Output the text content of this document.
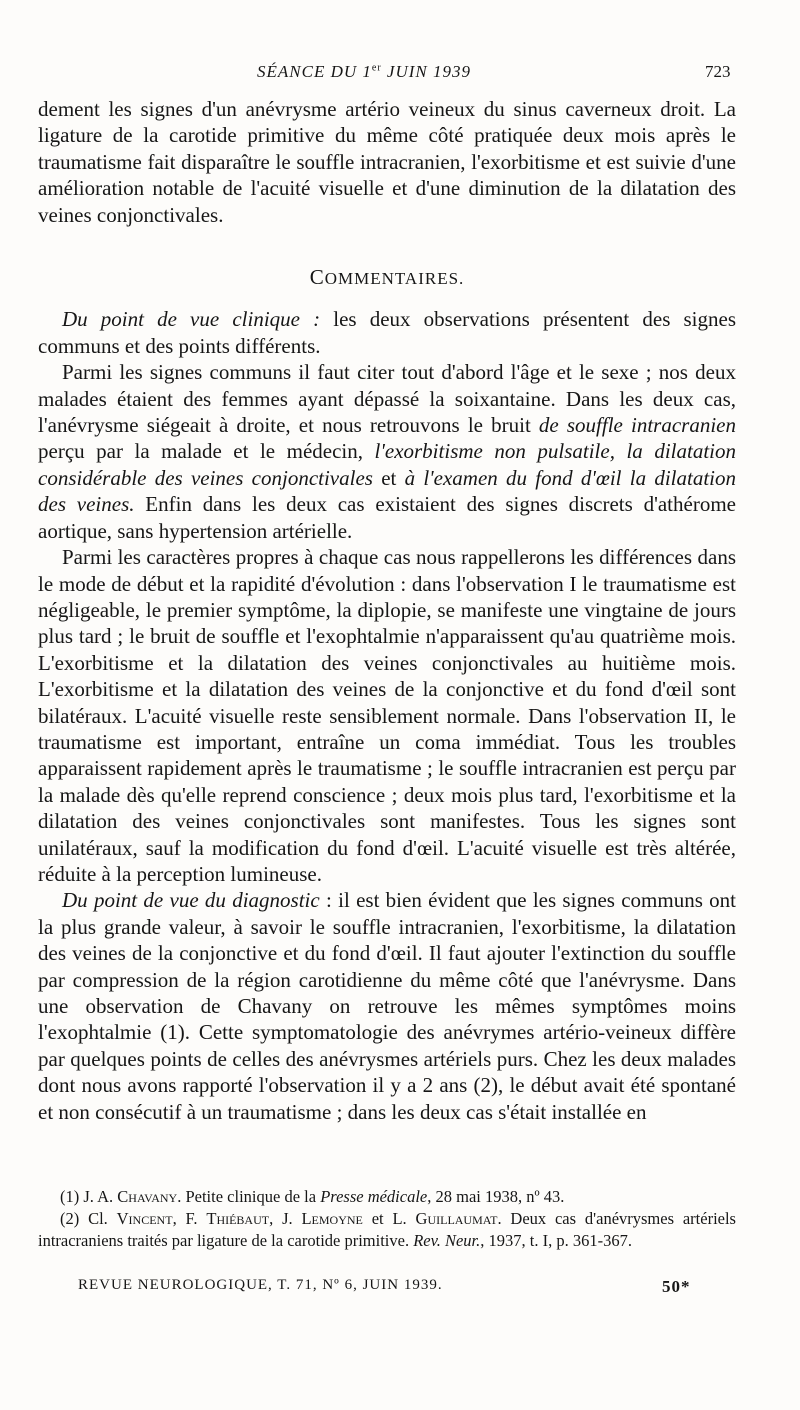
SÉANCE DU 1er JUIN 1939	723

dement les signes d'un anévrysme artério veineux du sinus caverneux droit. La ligature de la carotide primitive du même côté pratiquée deux mois après le traumatisme fait disparaître le souffle intracranien, l'exorbitisme et est suivie d'une amélioration notable de l'acuité visuelle et d'une diminution de la dilatation des veines conjonctivales.

COMMENTAIRES.

Du point de vue clinique : les deux observations présentent des signes communs et des points différents.

Parmi les signes communs il faut citer tout d'abord l'âge et le sexe ; nos deux malades étaient des femmes ayant dépassé la soixantaine. Dans les deux cas, l'anévrysme siégeait à droite, et nous retrouvons le bruit de souffle intracranien perçu par la malade et le médecin, l'exorbitisme non pulsatile, la dilatation considérable des veines conjonctivales et à l'examen du fond d'œil la dilatation des veines. Enfin dans les deux cas existaient des signes discrets d'athérome aortique, sans hypertension artérielle.

Parmi les caractères propres à chaque cas nous rappellerons les différences dans le mode de début et la rapidité d'évolution : dans l'observation I le traumatisme est négligeable, le premier symptôme, la diplopie, se manifeste une vingtaine de jours plus tard ; le bruit de souffle et l'exophtalmie n'apparaissent qu'au quatrième mois. L'exorbitisme et la dilatation des veines conjonctivales au huitième mois. L'exorbitisme et la dilatation des veines de la conjonctive et du fond d'œil sont bilatéraux. L'acuité visuelle reste sensiblement normale. Dans l'observation II, le traumatisme est important, entraîne un coma immédiat. Tous les troubles apparaissent rapidement après le traumatisme ; le souffle intracranien est perçu par la malade dès qu'elle reprend conscience ; deux mois plus tard, l'exorbitisme et la dilatation des veines conjonctivales sont manifestes. Tous les signes sont unilatéraux, sauf la modification du fond d'œil. L'acuité visuelle est très altérée, réduite à la perception lumineuse.

Du point de vue du diagnostic : il est bien évident que les signes communs ont la plus grande valeur, à savoir le souffle intracranien, l'exorbitisme, la dilatation des veines de la conjonctive et du fond d'œil. Il faut ajouter l'extinction du souffle par compression de la région carotidienne du même côté que l'anévrysme. Dans une observation de Chavany on retrouve les mêmes symptômes moins l'exophtalmie (1). Cette symptomatologie des anévrymes artério-veineux diffère par quelques points de celles des anévrysmes artériels purs. Chez les deux malades dont nous avons rapporté l'observation il y a 2 ans (2), le début avait été spontané et non consécutif à un traumatisme ; dans les deux cas s'était installée en

(1) J. A. Chavany. Petite clinique de la Presse médicale, 28 mai 1938, nº 43.

(2) Cl. Vincent, F. Thiébaut, J. Lemoyne et L. Guillaumat. Deux cas d'anévrysmes artériels intracraniens traités par ligature de la carotide primitive. Rev. Neur., 1937, t. I, p. 361-367.

REVUE NEUROLOGIQUE, T. 71, Nº 6, JUIN 1939.	50*
